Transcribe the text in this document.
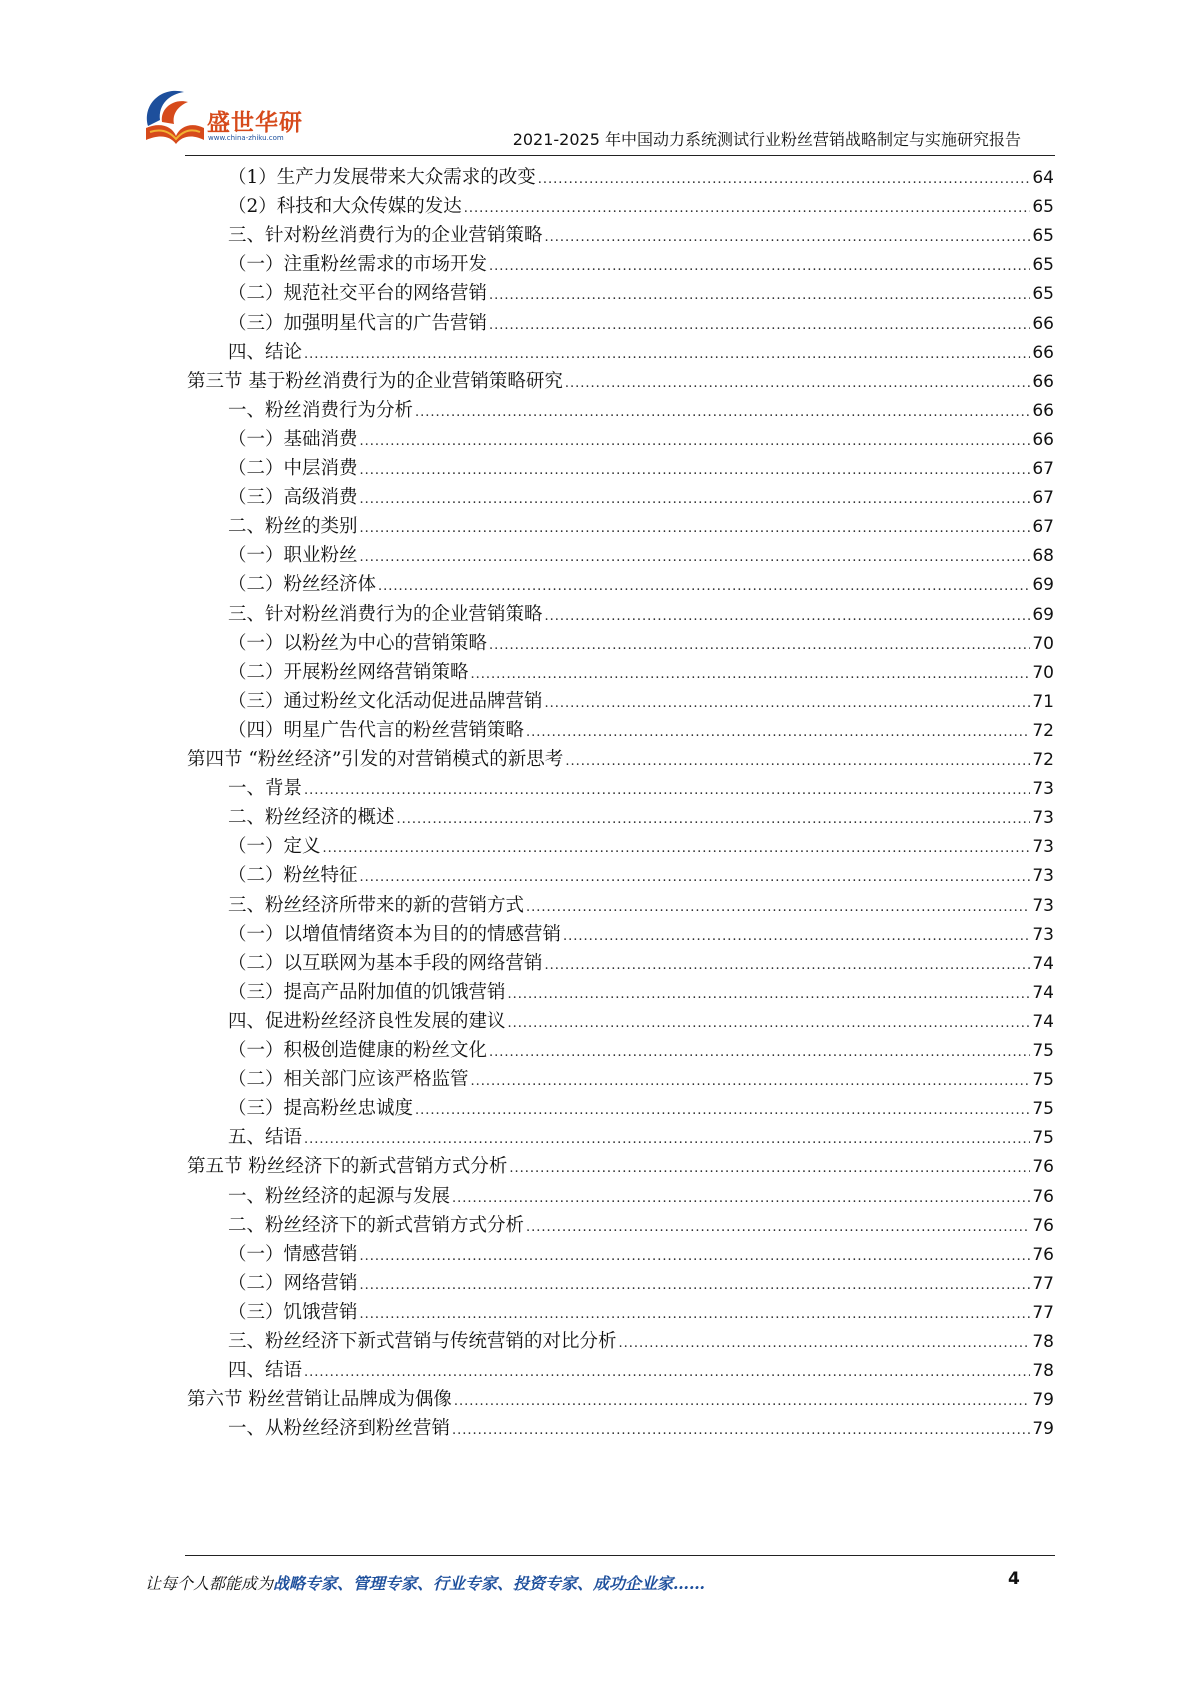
盛世华研
www.china-zhiku.com	2021-2025 年中国动力系统测试行业粉丝营销战略制定与实施研究报告
（1）生产力发展带来大众需求的改变 .....	64
（2）科技和大众传媒的发达 .....	65
三、针对粉丝消费行为的企业营销策略 .....	65
（一）注重粉丝需求的市场开发 .....	65
（二）规范社交平台的网络营销 .....	65
（三）加强明星代言的广告营销 .....	66
四、结论 .....	66
第三节 基于粉丝消费行为的企业营销策略研究 .....	66
一、粉丝消费行为分析 .....	66
（一）基础消费 .....	66
（二）中层消费 .....	67
（三）高级消费 .....	67
二、粉丝的类别 .....	67
（一）职业粉丝 .....	68
（二）粉丝经济体 .....	69
三、针对粉丝消费行为的企业营销策略 .....	69
（一）以粉丝为中心的营销策略 .....	70
（二）开展粉丝网络营销策略 .....	70
（三）通过粉丝文化活动促进品牌营销 .....	71
（四）明星广告代言的粉丝营销策略 .....	72
第四节 “粉丝经济”引发的对营销模式的新思考 .....	72
一、背景 .....	73
二、粉丝经济的概述 .....	73
（一）定义 .....	73
（二）粉丝特征 .....	73
三、粉丝经济所带来的新的营销方式 .....	73
（一）以增值情绪资本为目的的情感营销 .....	73
（二）以互联网为基本手段的网络营销 .....	74
（三）提高产品附加值的饥饿营销 .....	74
四、促进粉丝经济良性发展的建议 .....	74
（一）积极创造健康的粉丝文化 .....	75
（二）相关部门应该严格监管 .....	75
（三）提高粉丝忠诚度 .....	75
五、结语 .....	75
第五节 粉丝经济下的新式营销方式分析 .....	76
一、粉丝经济的起源与发展 .....	76
二、粉丝经济下的新式营销方式分析 .....	76
（一）情感营销 .....	76
（二）网络营销 .....	77
（三）饥饿营销 .....	77
三、粉丝经济下新式营销与传统营销的对比分析 .....	78
四、结语 .....	78
第六节 粉丝营销让品牌成为偶像 .....	79
一、从粉丝经济到粉丝营销 .....	79
让每个人都能成为战略专家、管理专家、行业专家、投资专家、成功企业家……	4
